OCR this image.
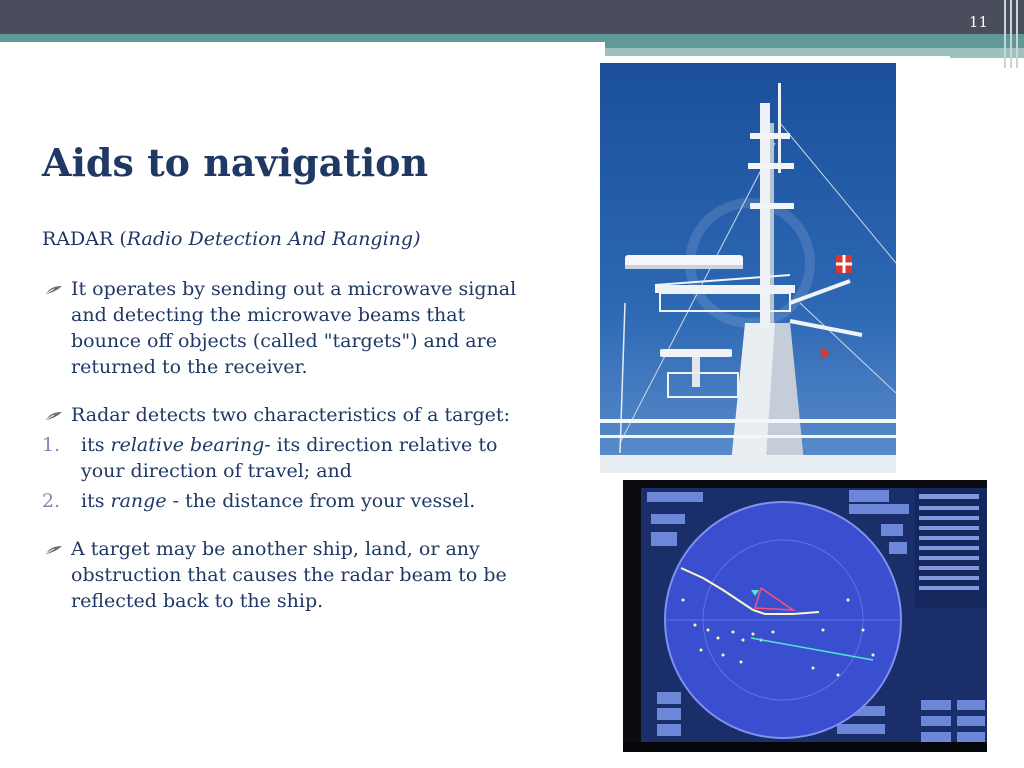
11
Aids to navigation

RADAR (Radio Detection And Ranging)

It operates by sending out a microwave signal and detecting the microwave beams that bounce off objects (called "targets") and are returned to the receiver.

Radar detects two characteristics of a target:

1. its relative bearing- its direction relative to your direction of travel; and

2. its range - the distance from your vessel.

A target may be another ship, land, or any obstruction that causes the radar beam to be reflected back to the ship.
